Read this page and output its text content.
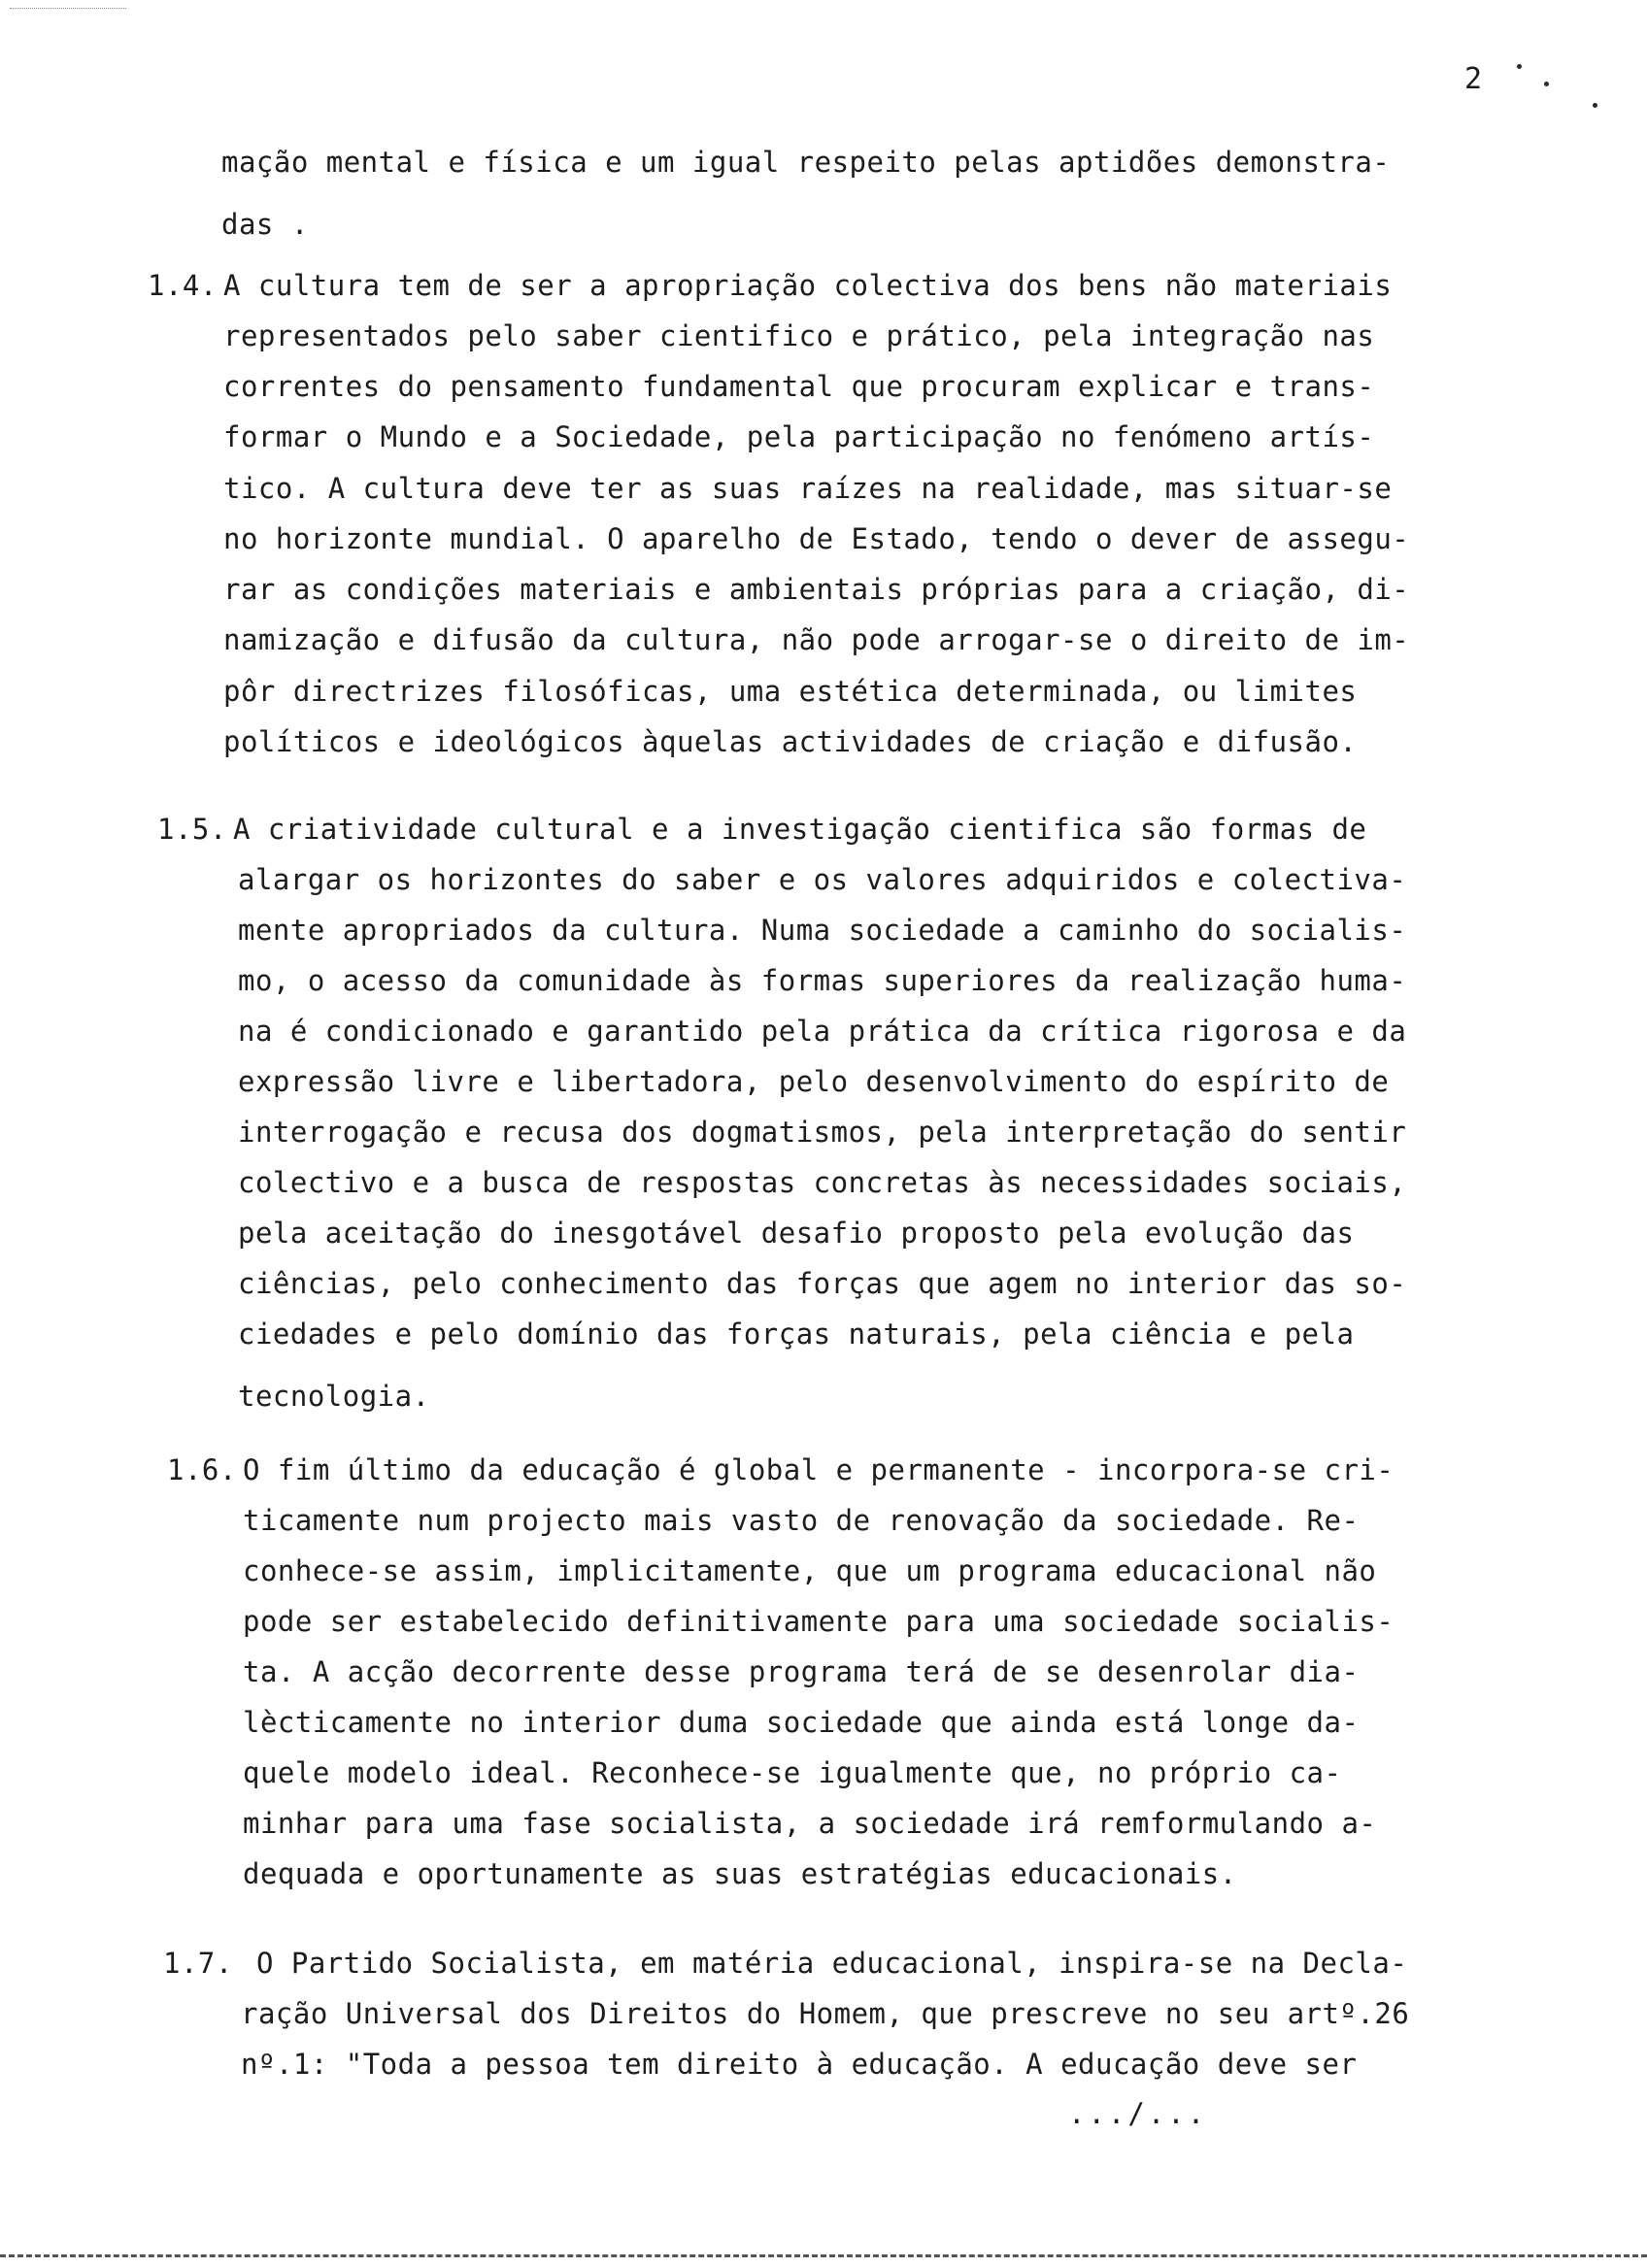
2
mação mental e física e um igual respeito pelas aptidões demonstra-
das .
1.4. A cultura tem de ser a apropriação colectiva dos bens não materiais
representados pelo saber cientifico e prático, pela integração nas
correntes do pensamento fundamental que procuram explicar e trans-
formar o Mundo e a Sociedade, pela participação no fenómeno artís-
tico. A cultura deve ter as suas raízes na realidade, mas situar-se
no horizonte mundial. O aparelho de Estado, tendo o dever de assegu-
rar as condições materiais e ambientais próprias para a criação, di-
namização e difusão da cultura, não pode arrogar-se o direito de im-
pôr directrizes filosóficas, uma estética determinada, ou limites
políticos e ideológicos àquelas actividades de criação e difusão.
1.5. A criatividade cultural e a investigação cientifica são formas de
alargar os horizontes do saber e os valores adquiridos e colectiva-
mente apropriados da cultura. Numa sociedade a caminho do socialis-
mo, o acesso da comunidade às formas superiores da realização huma-
na é condicionado e garantido pela prática da crítica rigorosa e da
expressão livre e libertadora, pelo desenvolvimento do espírito de
interrogação e recusa dos dogmatismos, pela interpretação do sentir
colectivo e a busca de respostas concretas às necessidades sociais,
pela aceitação do inesgotável desafio proposto pela evolução das
ciências, pelo conhecimento das forças que agem no interior das so-
ciedades e pelo domínio das forças naturais, pela ciência e pela
tecnologia.
1.6. O fim último da educação é global e permanente - incorpora-se cri-
ticamente num projecto mais vasto de renovação da sociedade. Re-
conhece-se assim, implicitamente, que um programa educacional não
pode ser estabelecido definitivamente para uma sociedade socialis-
ta. A acção decorrente desse programa terá de se desenrolar dia-
lècticamente no interior duma sociedade que ainda está longe da-
quele modelo ideal. Reconhece-se igualmente que, no próprio ca-
minhar para uma fase socialista, a sociedade irá remformulando a-
dequada e oportunamente as suas estratégias educacionais.
1.7. O Partido Socialista, em matéria educacional, inspira-se na Decla-
ração Universal dos Direitos do Homem, que prescreve no seu artº.26
nº.1: "Toda a pessoa tem direito à educação. A educação deve ser
.../...
